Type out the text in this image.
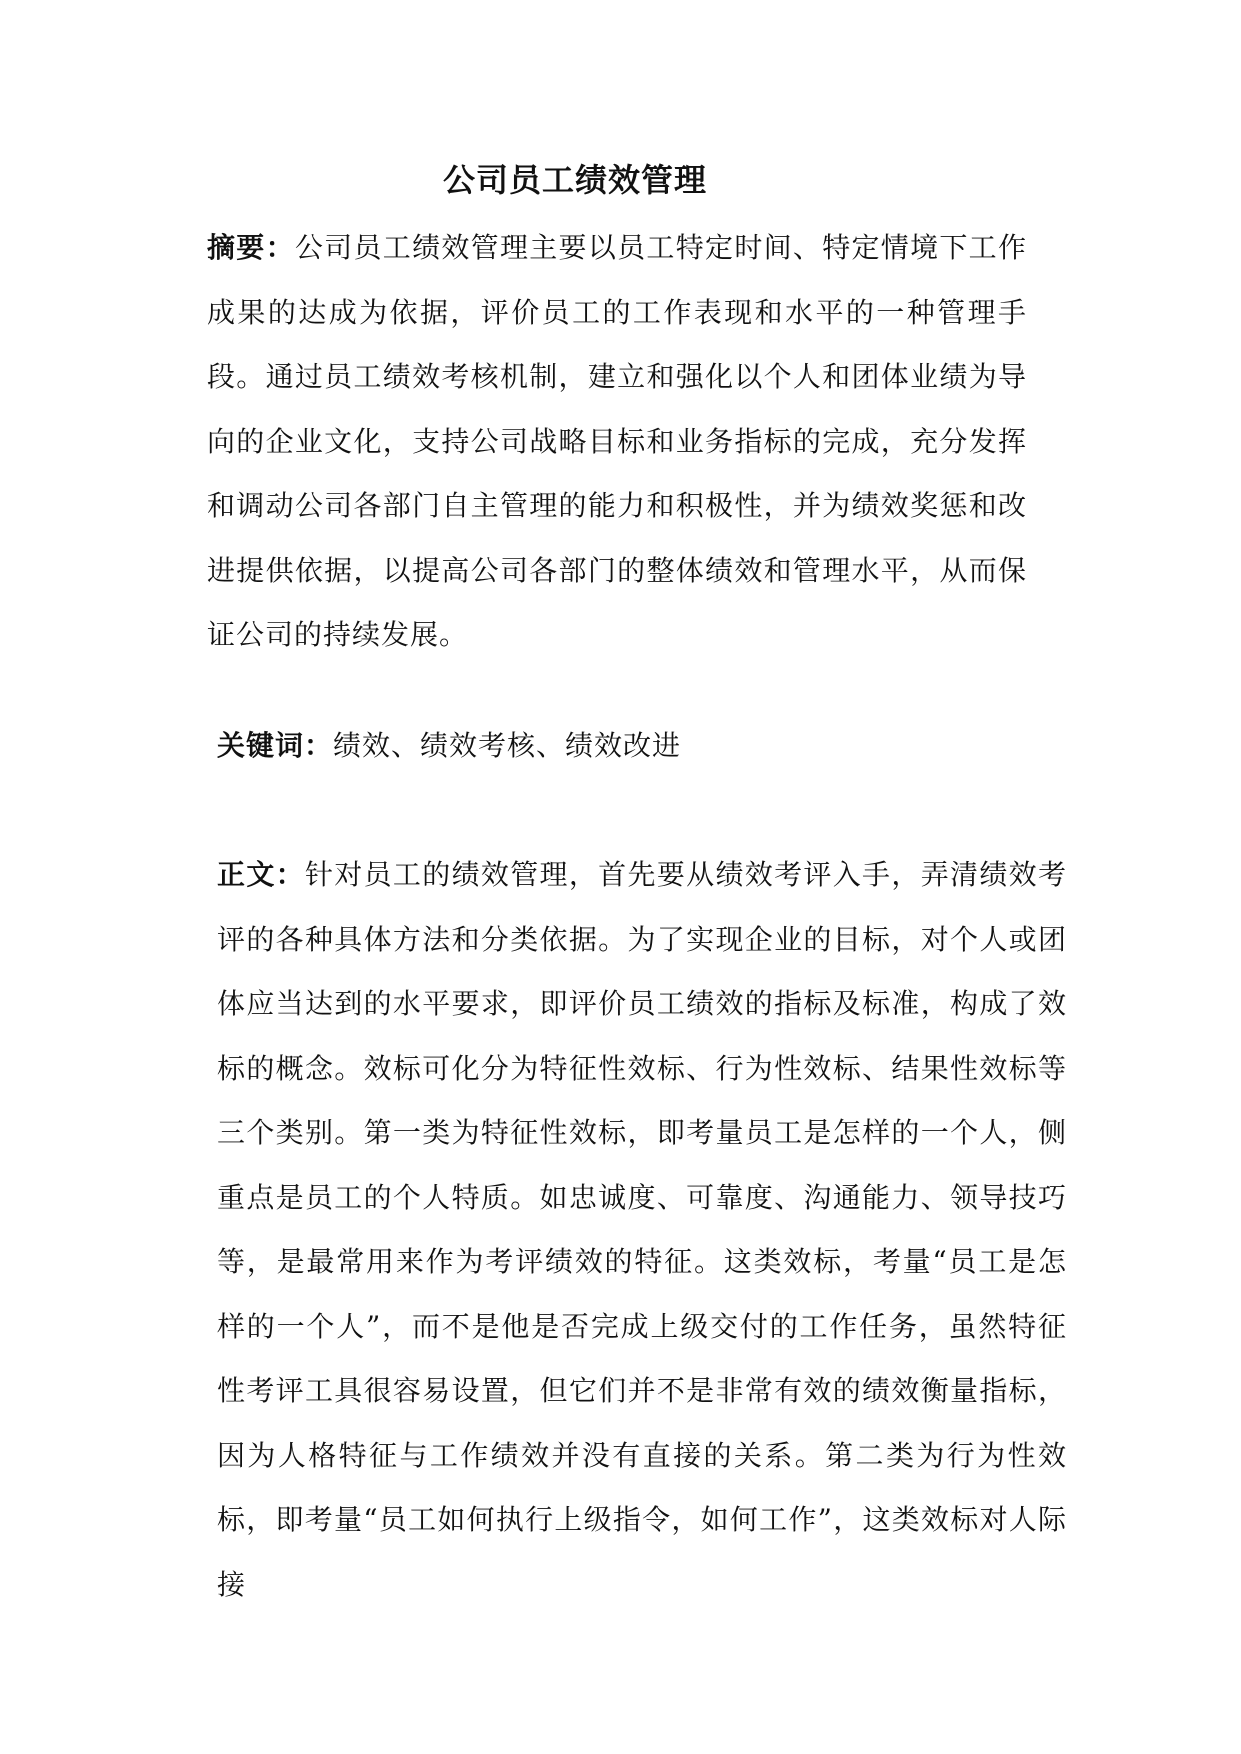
公司员工绩效管理
摘要：公司员工绩效管理主要以员工特定时间、特定情境下工作成果的达成为依据，评价员工的工作表现和水平的一种管理手段。通过员工绩效考核机制，建立和强化以个人和团体业绩为导向的企业文化，支持公司战略目标和业务指标的完成，充分发挥和调动公司各部门自主管理的能力和积极性，并为绩效奖惩和改进提供依据，以提高公司各部门的整体绩效和管理水平，从而保证公司的持续发展。
关键词：绩效、绩效考核、绩效改进
正文：针对员工的绩效管理，首先要从绩效考评入手，弄清绩效考评的各种具体方法和分类依据。为了实现企业的目标，对个人或团体应当达到的水平要求，即评价员工绩效的指标及标准，构成了效标的概念。效标可化分为特征性效标、行为性效标、结果性效标等三个类别。第一类为特征性效标，即考量员工是怎样的一个人，侧重点是员工的个人特质。如忠诚度、可靠度、沟通能力、领导技巧等，是最常用来作为考评绩效的特征。这类效标，考量“员工是怎样的一个人”，而不是他是否完成上级交付的工作任务，虽然特征性考评工具很容易设置，但它们并不是非常有效的绩效衡量指标，因为人格特征与工作绩效并没有直接的关系。第二类为行为性效标，即考量“员工如何执行上级指令，如何工作”，这类效标对人际接
